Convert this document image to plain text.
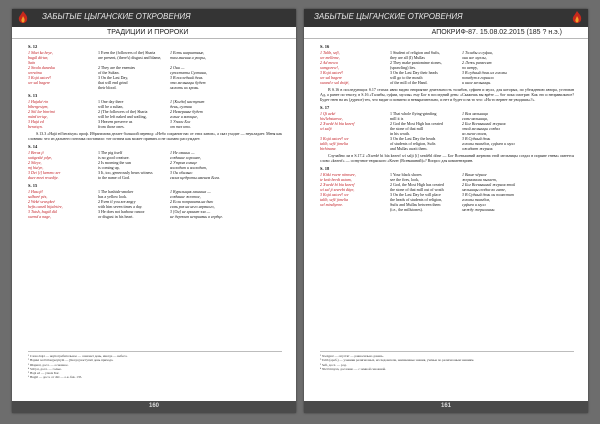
ЗАБЫТЫЕ ЦЫГАНСКИЕ ОТКРОВЕНИЯ
ТРАДИЦИИ И ПРОРОКИ
S. 12
1 Siket ka heye,
bugúl dírtar,
Saín
1 Even the (followers of the) Sharia
are present, (there's) disgust and blame,
1 Есть шариатные,
там мнения и укоры,
2 Sirala dunesku
werzitnu
2 They are the enemies
of the Sultan.
2 Они —
супостаты Султана,
3 Kojá astoré!
we sal bagere
3 On the Last Day,
that will end grind
their blood.
3 В последний день
это мельницы будет
молоть их кровь.
S. 13
1 Hajaké rin
bibergestym,
1 One day there
will be a sultan,
1 [Когда] наступит
день, султан
2 Siil lar binrìmi
múrd teriqe,
2 (The followers of the) Sharia
will be left naked and wailing,
2 Немерянье будет
голые и воющие,
3 Hajá ed
beratsyn.
3 Heaven preserve us
from those ones.
3 Упаси Бог
от тех кто.

S.13.3 «Hajá ed beratsyn» проф. Ибрагимова делает большой перевод: «Небо сохранит нас от этих ханов», а сказ уходит — неукладает. Меня как словник: что из дальнего потомка поставило: тот истина как может принять и не сказано рассуждает.

S. 14
1 Beraz jí
xatigeské ydye,
1 The pig itself
is no good creature.
1 Не свиньи —
создание хорошее,
2 Sileye,
mj hiz/ye,
2 Is morning the sun
is coming up,
2 Утром солнце
восходит и восходит,
3 Dei [i] kemmo xer
duee mezi rexedtje.
3 It, too, generously bears witness
to the name of God.
3 Он обильно
своих щедроты именем Бога.
S. 15
1 Hasoji!
salbaré pès,
1 The hashish-smoker
has a yellow look.
1 Курильщик гашиша —
создание желтое,
2 Weké sewsykeé
hefts canzil bijaletire,
2 Even if you are angry
with him seven times a day.
2 Если поправить на дню
семь раз на него нервного,
3 Tutsh, bugúl dùl
xwend a nage,
3 He does not harbour rancor
or disgust in his heart.
3 [Он] не хранит зла —
не держит неприязнь в сердце.
¹ Слово hajá — неупотребительное — означает день, иногда — небеса.
² Hajaké wel bibergezynym — [Когда] наступит день прихода.
³ Шариат, досл. — основное.
⁴ Siil jar, досл. — голые.
⁵ Hajá ed — упаси Бог.
⁶ Bugúl — досл. от dírt — о.к. fuk. 135.
160
ЗАБЫТЫЕ ЦЫГАНСКИЕ ОТКРОВЕНИЯ
АПОКРИФ-87. 15.08.02.2015 (185 ? н.э.)
S. 16
1 Talib, sefí,
we melleme,
1 Student of religion and Sufis,
they are all (I) Mullas
1 Толибы и суфии,
они все муллы,
2 Ad mewa
xamgorew!,
2 They make pantomime stones,
(sprawling) lies.
2 Лежь развесят
по ветру,
3 Kojá astoré!
we sal bagere
xwand e sal drájé,
3 On the Last Day their heads
will go to the mouth
of the mill of the Hand.
3 В судный день их головы
попадут в горнило
и иное мельницы.

В S.16 в последующих S.17 стихах явно видно неприятие деятельность толибов, суфиев и мулл, для которых, по убеждению автора, уготован Ад, а ранее по тексту, в S.16 «Талибы, суфии, муллы» ему Бог в последний день: «Скажешь вы врёте — бог пока смотрит. Как это и неправильное? Будет гнев на их (дурное) тех, что видят и понятно и невыразительно, и нет и будет и на то что: «На то вернет не увидишь»?».

S. 17
1 Qì aeké
his/lebstanwe,
1 That whole flying-grinding
mill it is
1 Вся мельница
семь-мельница,
2 Xwedé hí bía kezerf
wí salji
2 God the Most High has created
the stone of that mill
in his wrath.
2 Бог Всевышний жернов
этой мельницы создал
во гневе своем,
3 Kojá astoré! we
talíb, sefí/ jimelia
birhinane.
3 On the Last Day the heads
of students of religion, Sufis
and Mullas await them.
3 В Судный день
головы талибов, суфиев и мулл
ожидает жернов.

Случайно ли в S.17.2 «Xwedé bi bía kezerf wí salji [i] xezdébl dóne — Бог Всевышний жернова этой мельницы создал в порыве гнева» имеется слово «kezerf» — созвучное тюркского «Kezer (Всевышний)»? Вопрос для комментариев.

S. 18
1 Kítkí rwere nímrure,
te ketà berdt axtam,
1 Your black shores
see the fires, look,
1 Ваше чёрное
жерновами пылает,
2 Xwedé bí bía kezerf
wí sal ji sezrebt dàye,
2 God, the Most High has created
the stone of that mill out of wrath
2 Бог Всевышний жернов этой
мельницы создал во гневе,
3 Kojá astoré! we
talíb, sefí/ jimelia
xel mindiyene.
3 On the Last Day he will place
the heads of students of religion,
Sufis and Mullas between them
(i.e., the millstones).
3 В Судный день он поместит
головы талибов,
суфиев и мулл
между жерновами.
¹ Xwégeré — опустят — равносильно домазь.
² Talib (араб.) — ученики религиозных, исследователи, неизменные знания, учёные по религиозным знаниям.
³ Sefí, досл. — род.
⁴ Nízí birnyan, дословно — с земной сеножной.
161
